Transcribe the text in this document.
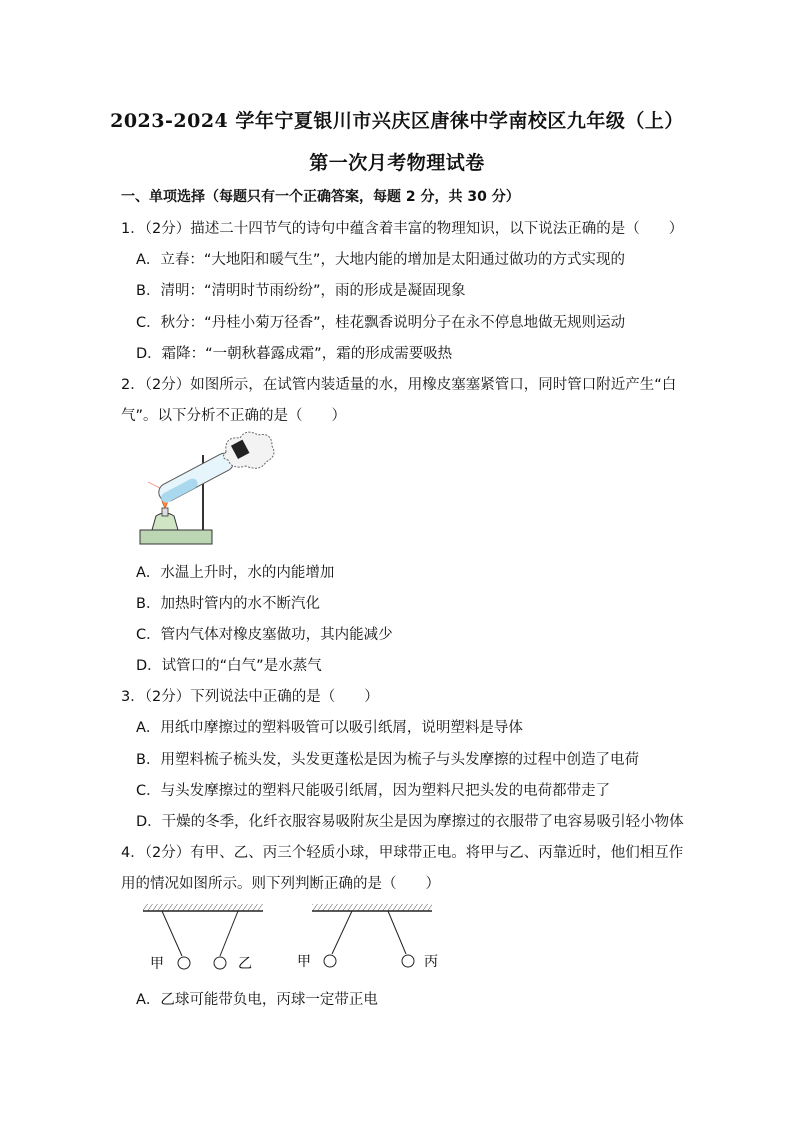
2023-2024 学年宁夏银川市兴庆区唐徕中学南校区九年级（上）
第一次月考物理试卷
一、单项选择（每题只有一个正确答案，每题 2 分，共 30 分）
1．（2分）描述二十四节气的诗句中蕴含着丰富的物理知识，以下说法正确的是（　　）
A．立春：“大地阳和暖气生”，大地内能的增加是太阳通过做功的方式实现的
B．清明：“清明时节雨纷纷”，雨的形成是凝固现象
C．秋分：“丹桂小菊万径香”，桂花飘香说明分子在永不停息地做无规则运动
D．霜降：“一朝秋暮露成霜”，霜的形成需要吸热
2．（2分）如图所示，在试管内装适量的水，用橡皮塞塞紧管口，同时管口附近产生“白
气”。以下分析不正确的是（　　）
A．水温上升时，水的内能增加
B．加热时管内的水不断汽化
C．管内气体对橡皮塞做功，其内能减少
D．试管口的“白气”是水蒸气
3．（2分）下列说法中正确的是（　　）
A．用纸巾摩擦过的塑料吸管可以吸引纸屑，说明塑料是导体
B．用塑料梳子梳头发，头发更蓬松是因为梳子与头发摩擦的过程中创造了电荷
C．与头发摩擦过的塑料尺能吸引纸屑，因为塑料尺把头发的电荷都带走了
D．干燥的冬季，化纤衣服容易吸附灰尘是因为摩擦过的衣服带了电容易吸引轻小物体
4．（2分）有甲、乙、丙三个轻质小球，甲球带正电。将甲与乙、丙靠近时，他们相互作
用的情况如图所示。则下列判断正确的是（　　）
甲	乙	甲	丙
A．乙球可能带负电，丙球一定带正电
